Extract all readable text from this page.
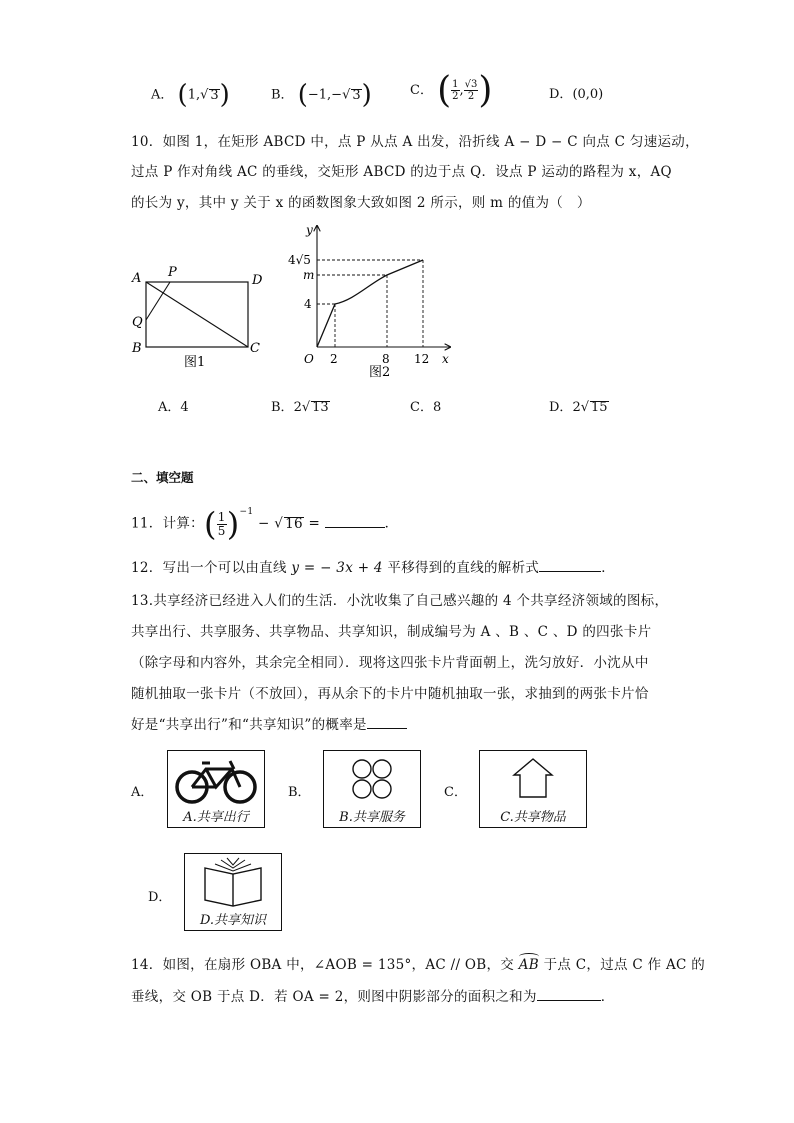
A． (1,√ 3)	B． (−1,−√ 3)	C． ( $\frac{1}{2}$ , $\frac{√3}{2}$ )	D．(0,0)
10．如图 1，在矩形 ABCD 中，点 P 从点 A 出发，沿折线 A − D − C 向点 C 匀速运动，
过点 P 作对角线 AC 的垂线，交矩形 ABCD 的边于点 Q．设点 P 运动的路程为 x，AQ
的长为 y，其中 y 关于 x 的函数图象大致如图 2 所示，则 m 的值为（　）
A P
D
Q
B	C
图1
y
x
O 2	8 12
4
m
4√5
图2
A．4	B．2√ 13	C．8	D．2√ 15
二、填空题
11．计算：( $\frac{1}{5} )^{-1}$ − √ 16 =	．
12．写出一个可以由直线 y = − 3x + 4 平移得到的直线的解析式	．
13.共享经济已经进入人们的生活．小沈收集了自己感兴趣的 4 个共享经济领域的图标，
共享出行、共享服务、共享物品、共享知识，制成编号为 A 、B 、C 、D 的四张卡片
（除字母和内容外，其余完全相同）．现将这四张卡片背面朝上，洗匀放好．小沈从中
随机抽取一张卡片（不放回），再从余下的卡片中随机抽取一张，求抽到的两张卡片恰
好是“共享出行”和“共享知识”的概率是
A．
A.共享出行
B．
B.共享服务
C．
C.共享物品
D．
D.共享知识
14．如图，在扇形 OBA 中，∠AOB = 135°，AC // OB，交
AB 于点 C，过点 C 作 AC 的
垂线，交 OB 于点 D．若 OA = 2，则图中阴影部分的面积之和为	．
